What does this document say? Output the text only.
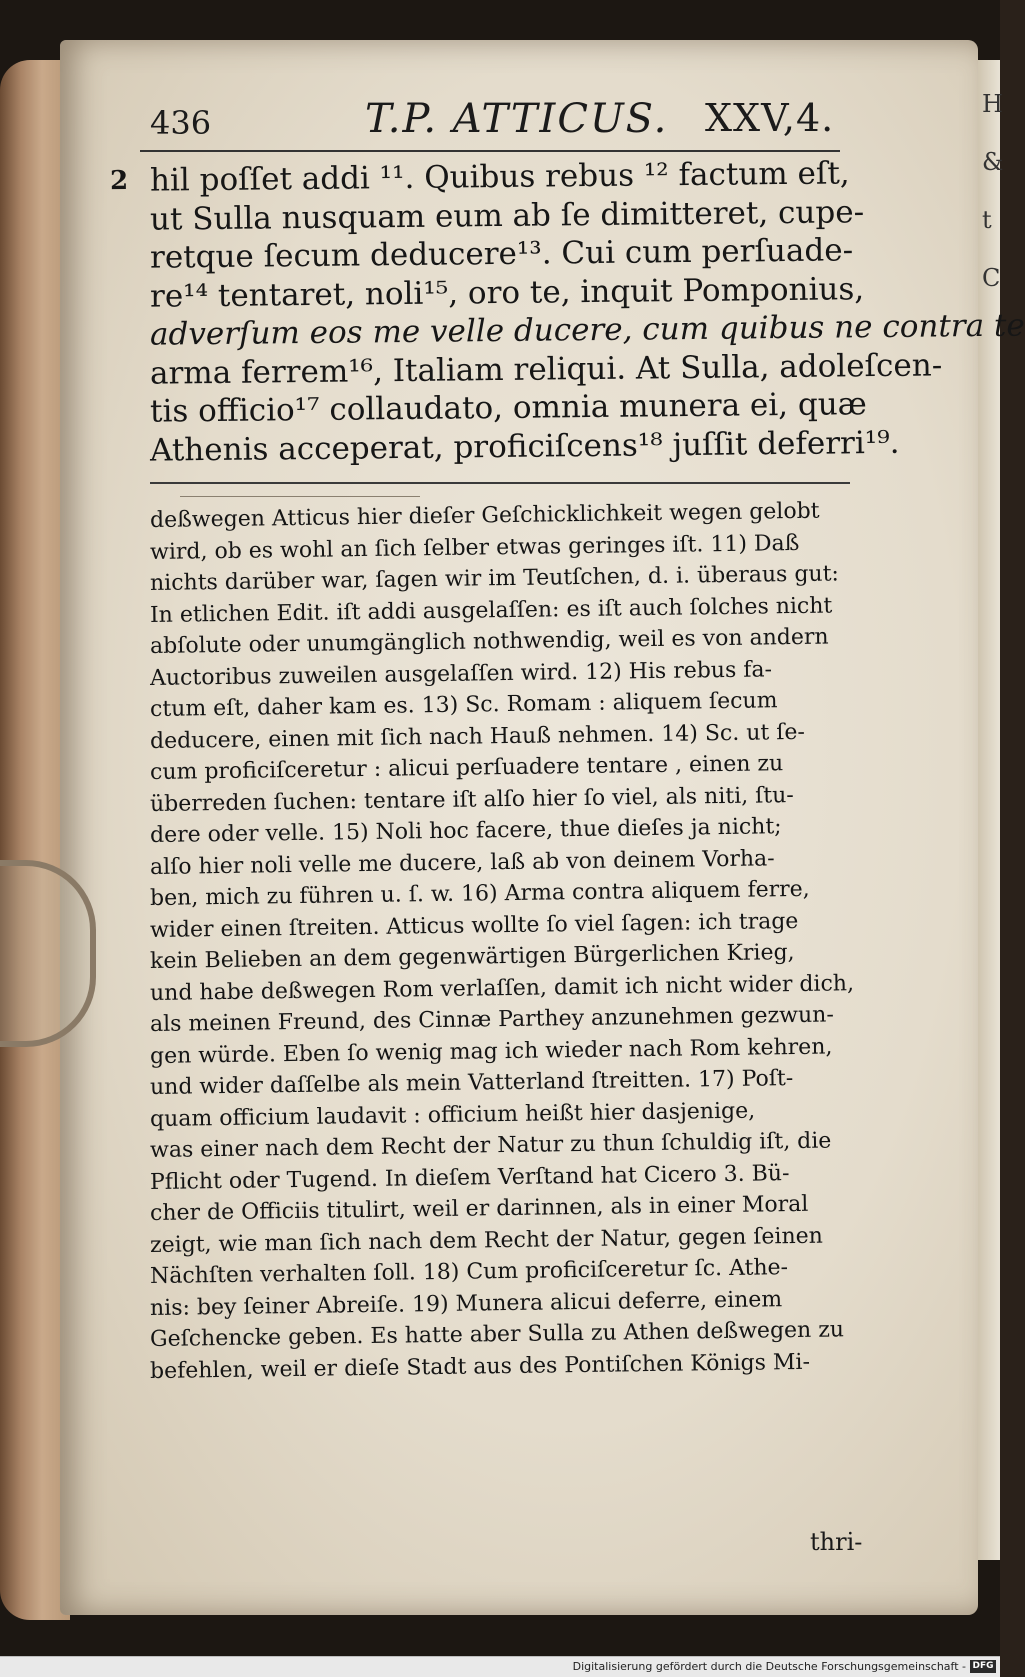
H
&
t
C
436	T.P. ATTICUS. XXV,4.
2 hil poſſet addi ¹¹. Quibus rebus ¹² factum eſt,
ut Sulla nusquam eum ab ſe dimitteret, cupe-
retque ſecum deducere¹³. Cui cum perſuade-
re¹⁴ tentaret, noli¹⁵, oro te, inquit Pomponius,
adverſum eos me velle ducere, cum quibus ne contra te
arma ferrem¹⁶, Italiam reliqui. At Sulla, adoleſcen-
tis officio¹⁷ collaudato, omnia munera ei, quæ
Athenis acceperat, proficiſcens¹⁸ juſſit deferri¹⁹.
deßwegen Atticus hier dieſer Geſchicklichkeit wegen gelobt
wird, ob es wohl an ſich ſelber etwas geringes iſt. 11) Daß
nichts darüber war, ſagen wir im Teutſchen, d. i. überaus gut:
In etlichen Edit. iſt addi ausgelaſſen: es iſt auch ſolches nicht
abſolute oder unumgänglich nothwendig, weil es von andern
Auctoribus zuweilen ausgelaſſen wird. 12) His rebus fa-
ctum eſt, daher kam es. 13) Sc. Romam : aliquem ſecum
deducere, einen mit ſich nach Hauß nehmen. 14) Sc. ut ſe-
cum proficiſceretur : alicui perſuadere tentare , einen zu
überreden ſuchen: tentare iſt alſo hier ſo viel, als niti, ſtu-
dere oder velle. 15) Noli hoc facere, thue dieſes ja nicht;
alſo hier noli velle me ducere, laß ab von deinem Vorha-
ben, mich zu führen u. ſ. w. 16) Arma contra aliquem ferre,
wider einen ſtreiten. Atticus wollte ſo viel ſagen: ich trage
kein Belieben an dem gegenwärtigen Bürgerlichen Krieg,
und habe deßwegen Rom verlaſſen, damit ich nicht wider dich,
als meinen Freund, des Cinnæ Parthey anzunehmen gezwun-
gen würde. Eben ſo wenig mag ich wieder nach Rom kehren,
und wider daſſelbe als mein Vatterland ſtreitten. 17) Poſt-
quam officium laudavit : officium heißt hier dasjenige,
was einer nach dem Recht der Natur zu thun ſchuldig iſt, die
Pflicht oder Tugend. In dieſem Verſtand hat Cicero 3. Bü-
cher de Officiis titulirt, weil er darinnen, als in einer Moral
zeigt, wie man ſich nach dem Recht der Natur, gegen ſeinen
Nächſten verhalten ſoll. 18) Cum proficiſceretur ſc. Athe-
nis: bey ſeiner Abreiſe. 19) Munera alicui deferre, einem
Geſchencke geben. Es hatte aber Sulla zu Athen deßwegen zu
befehlen, weil er dieſe Stadt aus des Pontiſchen Königs Mi-
thri-
Digitalisierung gefördert durch die Deutsche Forschungsgemeinschaft - DFG
